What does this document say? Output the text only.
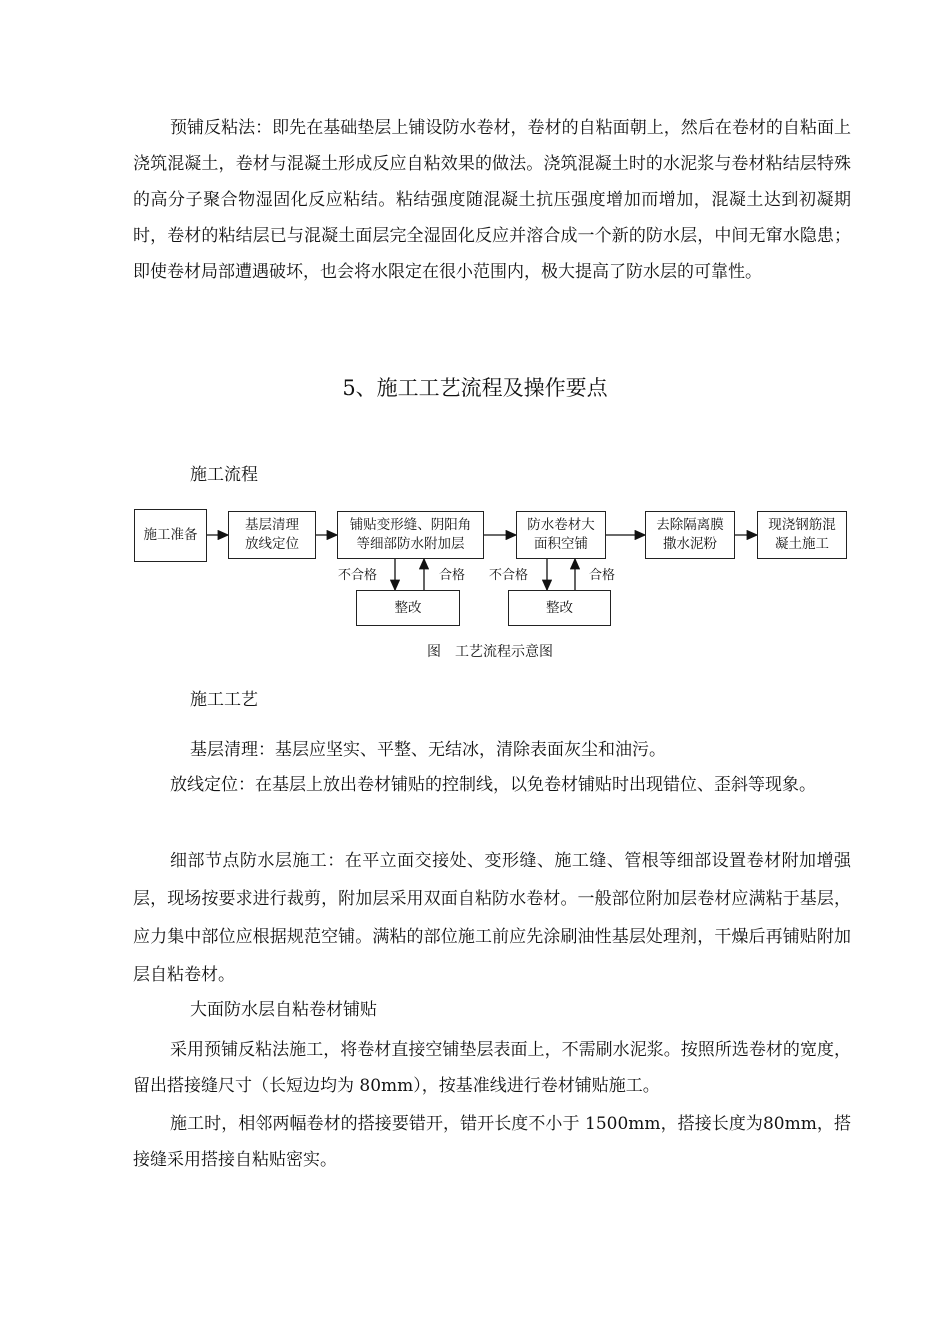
预铺反粘法：即先在基础垫层上铺设防水卷材，卷材的自粘面朝上，然后在卷材的自粘面上浇筑混凝土，卷材与混凝土形成反应自粘效果的做法。浇筑混凝土时的水泥浆与卷材粘结层特殊的高分子聚合物湿固化反应粘结。粘结强度随混凝土抗压强度增加而增加，混凝土达到初凝期时，卷材的粘结层已与混凝土面层完全湿固化反应并溶合成一个新的防水层，中间无窜水隐患；即使卷材局部遭遇破坏，也会将水限定在很小范围内，极大提高了防水层的可靠性。

5、施工工艺流程及操作要点

施工流程

施工准备
基层清理
放线定位
铺贴变形缝、阴阳角
等细部防水附加层
防水卷材大
面积空铺
去除隔离膜
撒水泥粉
现浇钢筋混
凝土施工
整改	整改
不合格	合格 不合格	合格
图　工艺流程示意图

施工工艺

基层清理：基层应坚实、平整、无结冰，清除表面灰尘和油污。

放线定位：在基层上放出卷材铺贴的控制线，以免卷材铺贴时出现错位、歪斜等现象。

细部节点防水层施工：在平立面交接处、变形缝、施工缝、管根等细部设置卷材附加增强层，现场按要求进行裁剪，附加层采用双面自粘防水卷材。一般部位附加层卷材应满粘于基层，应力集中部位应根据规范空铺。满粘的部位施工前应先涂刷油性基层处理剂，干燥后再铺贴附加层自粘卷材。

大面防水层自粘卷材铺贴

采用预铺反粘法施工，将卷材直接空铺垫层表面上，不需刷水泥浆。按照所选卷材的宽度，留出搭接缝尺寸（长短边均为 80mm），按基准线进行卷材铺贴施工。

施工时，相邻两幅卷材的搭接要错开，错开长度不小于 1500mm，搭接长度为80mm，搭接缝采用搭接自粘贴密实。
